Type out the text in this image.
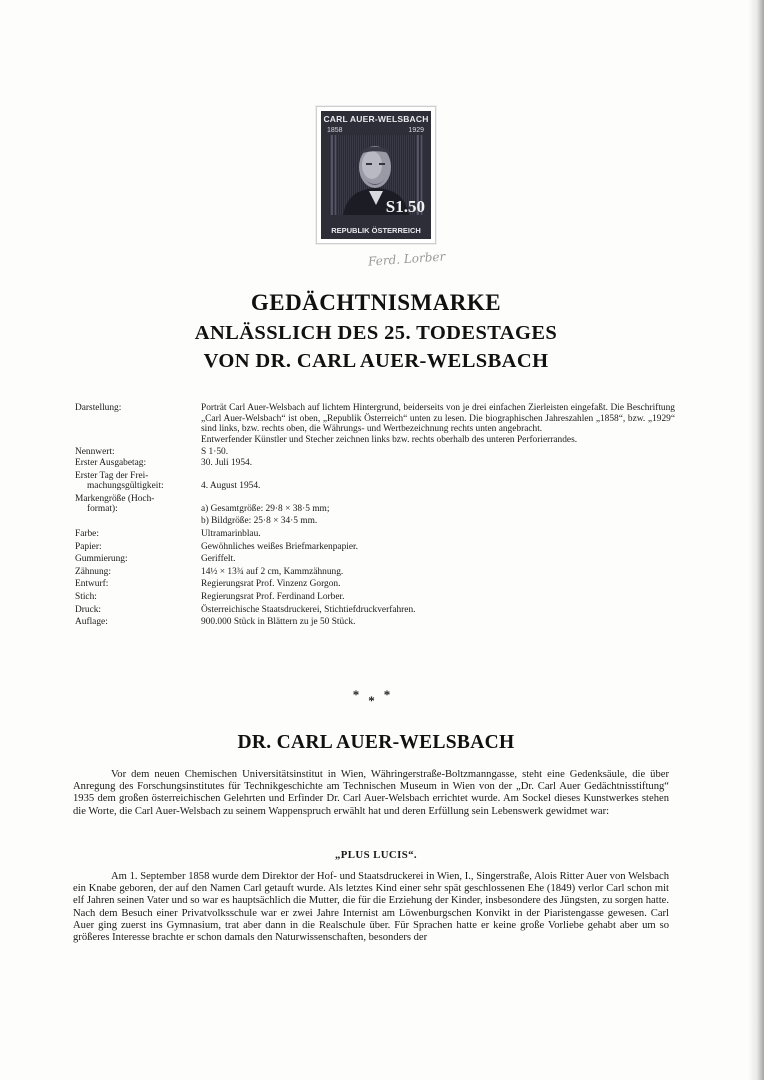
CARL AUER-WELSBACH
1858	1929
S1.50
REPUBLIK ÖSTERREICH
Ferd. Lorber
GEDÄCHTNISMARKE
ANLÄSSLICH DES 25. TODESTAGES
VON DR. CARL AUER-WELSBACH
Darstellung:	Porträt Carl Auer-Welsbach auf lichtem Hintergrund, beiderseits von je drei einfachen Zierleisten eingefaßt. Die Beschriftung „Carl Auer-Welsbach“ ist oben, „Republik Österreich“ unten zu lesen. Die biographischen Jahreszahlen „1858“, bzw. „1929“ sind links, bzw. rechts oben, die Währungs- und Wertbezeichnung rechts unten angebracht.
Entwerfender Künstler und Stecher zeichnen links bzw. rechts oberhalb des unteren Perforierrandes.
Nennwert:	S 1·50.
Erster Ausgabetag:	30. Juli 1954.
Erster Tag der Frei-
machungsgültigkeit:	4. August 1954.
Markengröße (Hoch-
format):	a) Gesamtgröße: 29·8 × 38·5 mm;
b) Bildgröße: 25·8 × 34·5 mm.
Farbe:	Ultramarinblau.
Papier:	Gewöhnliches weißes Briefmarkenpapier.
Gummierung:	Geriffelt.
Zähnung:	14½ × 13¾ auf 2 cm, Kammzähnung.
Entwurf:	Regierungsrat Prof. Vinzenz Gorgon.
Stich:	Regierungsrat Prof. Ferdinand Lorber.
Druck:	Österreichische Staatsdruckerei, Stichtiefdruckverfahren.
Auflage:	900.000 Stück in Blättern zu je 50 Stück.
***
DR. CARL AUER-WELSBACH
Vor dem neuen Chemischen Universitätsinstitut in Wien, Währingerstraße-Boltzmanngasse, steht eine Gedenksäule, die über Anregung des Forschungsinstitutes für Technikgeschichte am Technischen Museum in Wien von der „Dr. Carl Auer Gedächtnisstiftung“ 1935 dem großen österreichischen Gelehrten und Erfinder Dr. Carl Auer-Welsbach errichtet wurde. Am Sockel dieses Kunstwerkes stehen die Worte, die Carl Auer-Welsbach zu seinem Wappenspruch erwählt hat und deren Erfüllung sein Lebenswerk gewidmet war:
„PLUS LUCIS“.
Am 1. September 1858 wurde dem Direktor der Hof- und Staatsdruckerei in Wien, I., Singerstraße, Alois Ritter Auer von Welsbach ein Knabe geboren, der auf den Namen Carl getauft wurde. Als letztes Kind einer sehr spät geschlossenen Ehe (1849) verlor Carl schon mit elf Jahren seinen Vater und so war es hauptsächlich die Mutter, die für die Erziehung der Kinder, insbesondere des Jüngsten, zu sorgen hatte. Nach dem Besuch einer Privatvolksschule war er zwei Jahre Internist am Löwenburgschen Konvikt in der Piaristengasse gewesen. Carl Auer ging zuerst ins Gymnasium, trat aber dann in die Realschule über. Für Sprachen hatte er keine große Vorliebe gehabt aber um so größeres Interesse brachte er schon damals den Naturwissenschaften, besonders der
